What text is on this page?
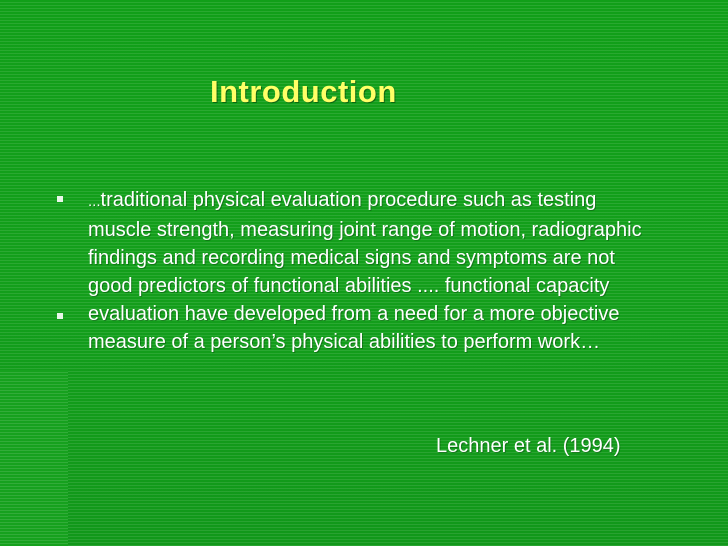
Introduction

...traditional physical evaluation procedure such as testing muscle strength, measuring joint range of motion, radiographic findings and recording medical signs and symptoms are not good predictors of functional abilities .... functional capacity evaluation have developed from a need for a more objective measure of a person’s physical abilities to perform work…

Lechner et al. (1994)
